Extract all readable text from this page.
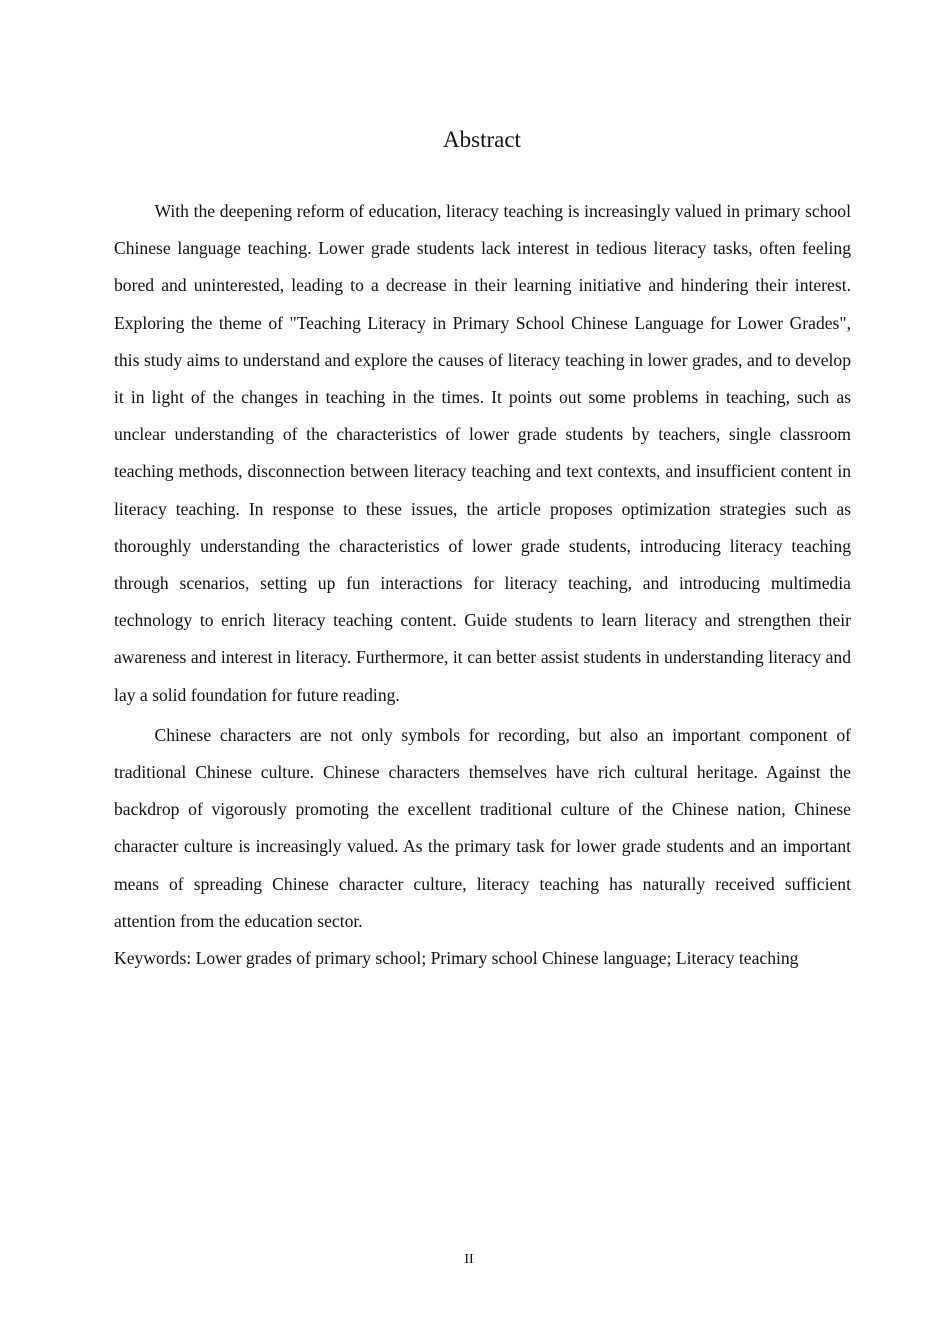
Abstract

With the deepening reform of education, literacy teaching is increasingly valued in primary school Chinese language teaching. Lower grade students lack interest in tedious literacy tasks, often feeling bored and uninterested, leading to a decrease in their learning initiative and hindering their interest. Exploring the theme of "Teaching Literacy in Primary School Chinese Language for Lower Grades", this study aims to understand and explore the causes of literacy teaching in lower grades, and to develop it in light of the changes in teaching in the times. It points out some problems in teaching, such as unclear understanding of the characteristics of lower grade students by teachers, single classroom teaching methods, disconnection between literacy teaching and text contexts, and insufficient content in literacy teaching. In response to these issues, the article proposes optimization strategies such as thoroughly understanding the characteristics of lower grade students, introducing literacy teaching through scenarios, setting up fun interactions for literacy teaching, and introducing multimedia technology to enrich literacy teaching content. Guide students to learn literacy and strengthen their awareness and interest in literacy. Furthermore, it can better assist students in understanding literacy and lay a solid foundation for future reading.

Chinese characters are not only symbols for recording, but also an important component of traditional Chinese culture. Chinese characters themselves have rich cultural heritage. Against the backdrop of vigorously promoting the excellent traditional culture of the Chinese nation, Chinese character culture is increasingly valued. As the primary task for lower grade students and an important means of spreading Chinese character culture, literacy teaching has naturally received sufficient attention from the education sector.

Keywords: Lower grades of primary school; Primary school Chinese language; Literacy teaching

II
